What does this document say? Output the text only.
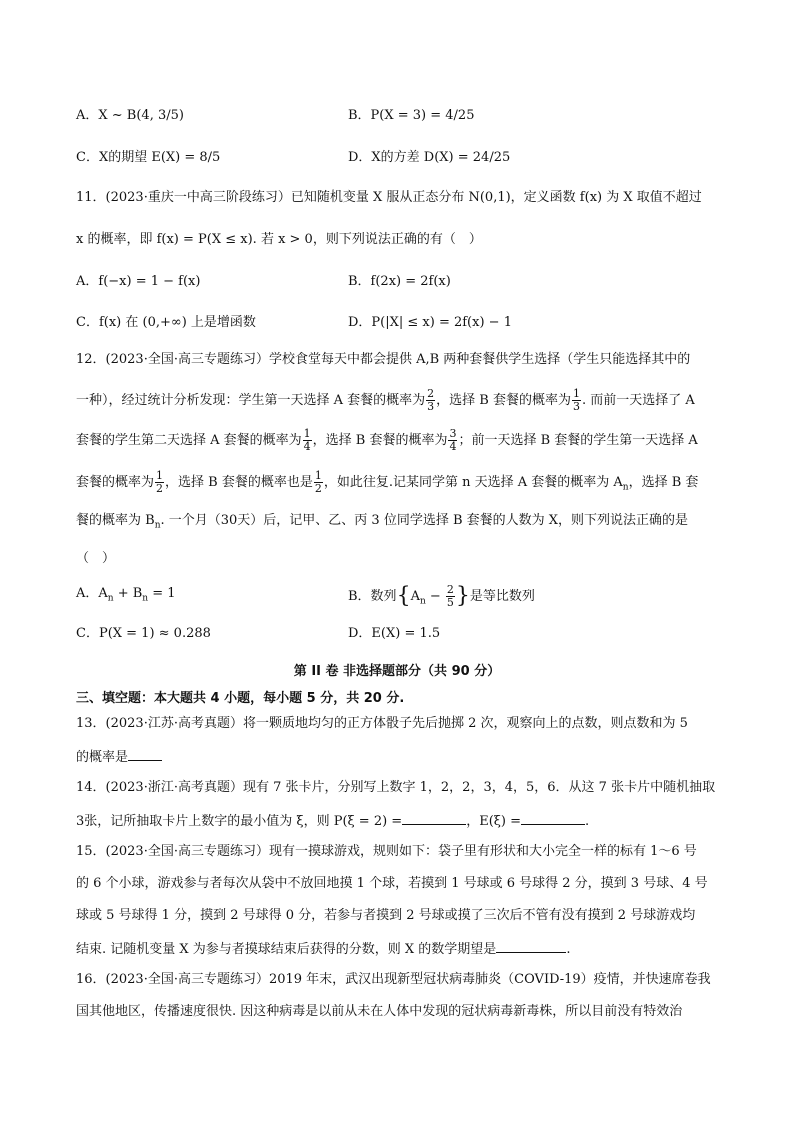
A．X ~ B(4, 3/5)	B．P(X = 3) = 4/25
C．X的期望 E(X) = 8/5	D．X的方差 D(X) = 24/25
11．(2023·重庆一中高三阶段练习）已知随机变量 X 服从正态分布 N(0,1)，定义函数 f(x) 为 X 取值不超过
x 的概率，即 f(x) = P(X ≤ x). 若 x > 0，则下列说法正确的有（　）
A．f(−x) = 1 − f(x)	B．f(2x) = 2f(x)
C．f(x) 在 (0,+∞) 上是增函数	D．P(|X| ≤ x) = 2f(x) − 1
12．(2023·全国·高三专题练习）学校食堂每天中都会提供 A,B 两种套餐供学生选择（学生只能选择其中的
一种），经过统计分析发现：学生第一天选择 A 套餐的概率为 $\frac{2}{3}$ ，选择 B 套餐的概率为 $\frac{1}{3}$ . 而前一天选择了 A
套餐的学生第二天选择 A 套餐的概率为 $\frac{1}{4}$ ，选择 B 套餐的概率为 $\frac{3}{4}$ ；前一天选择 B 套餐的学生第一天选择 A
套餐的概率为 $\frac{1}{2}$ ，选择 B 套餐的概率也是 $\frac{1}{2}$ ，如此往复.记某同学第 n 天选择 A 套餐的概率为 $A_n$，选择 B 套
餐的概率为 $B_n$. 一个月（30天）后，记甲、乙、丙 3 位同学选择 B 套餐的人数为 X，则下列说法正确的是
（　）
A．$A_n + B_n = 1$	B．数列{$A_n - \frac{2}{5}$ }是等比数列
C．P(X = 1) ≈ 0.288	D．E(X) = 1.5
第 II 卷 非选择题部分（共 90 分）
三、填空题：本大题共 4 小题，每小题 5 分，共 20 分.
13．(2023·江苏·高考真题）将一颗质地均匀的正方体骰子先后抛掷 2 次，观察向上的点数，则点数和为 5
的概率是
14．(2023·浙江·高考真题）现有 7 张卡片，分别写上数字 1，2，2，3，4，5，6．从这 7 张卡片中随机抽取
3张，记所抽取卡片上数字的最小值为 ξ，则 P(ξ = 2) =	，E(ξ) =	.
15．(2023·全国·高三专题练习）现有一摸球游戏，规则如下：袋子里有形状和大小完全一样的标有 1～6 号
的 6 个小球，游戏参与者每次从袋中不放回地摸 1 个球，若摸到 1 号球或 6 号球得 2 分，摸到 3 号球、4 号
球或 5 号球得 1 分，摸到 2 号球得 0 分，若参与者摸到 2 号球或摸了三次后不管有没有摸到 2 号球游戏均
结束. 记随机变量 X 为参与者摸球结束后获得的分数，则 X 的数学期望是	.
16．(2023·全国·高三专题练习）2019 年末，武汉出现新型冠状病毒肺炎（COVID-19）疫情，并快速席卷我
国其他地区，传播速度很快. 因这种病毒是以前从未在人体中发现的冠状病毒新毒株，所以目前没有特效治
